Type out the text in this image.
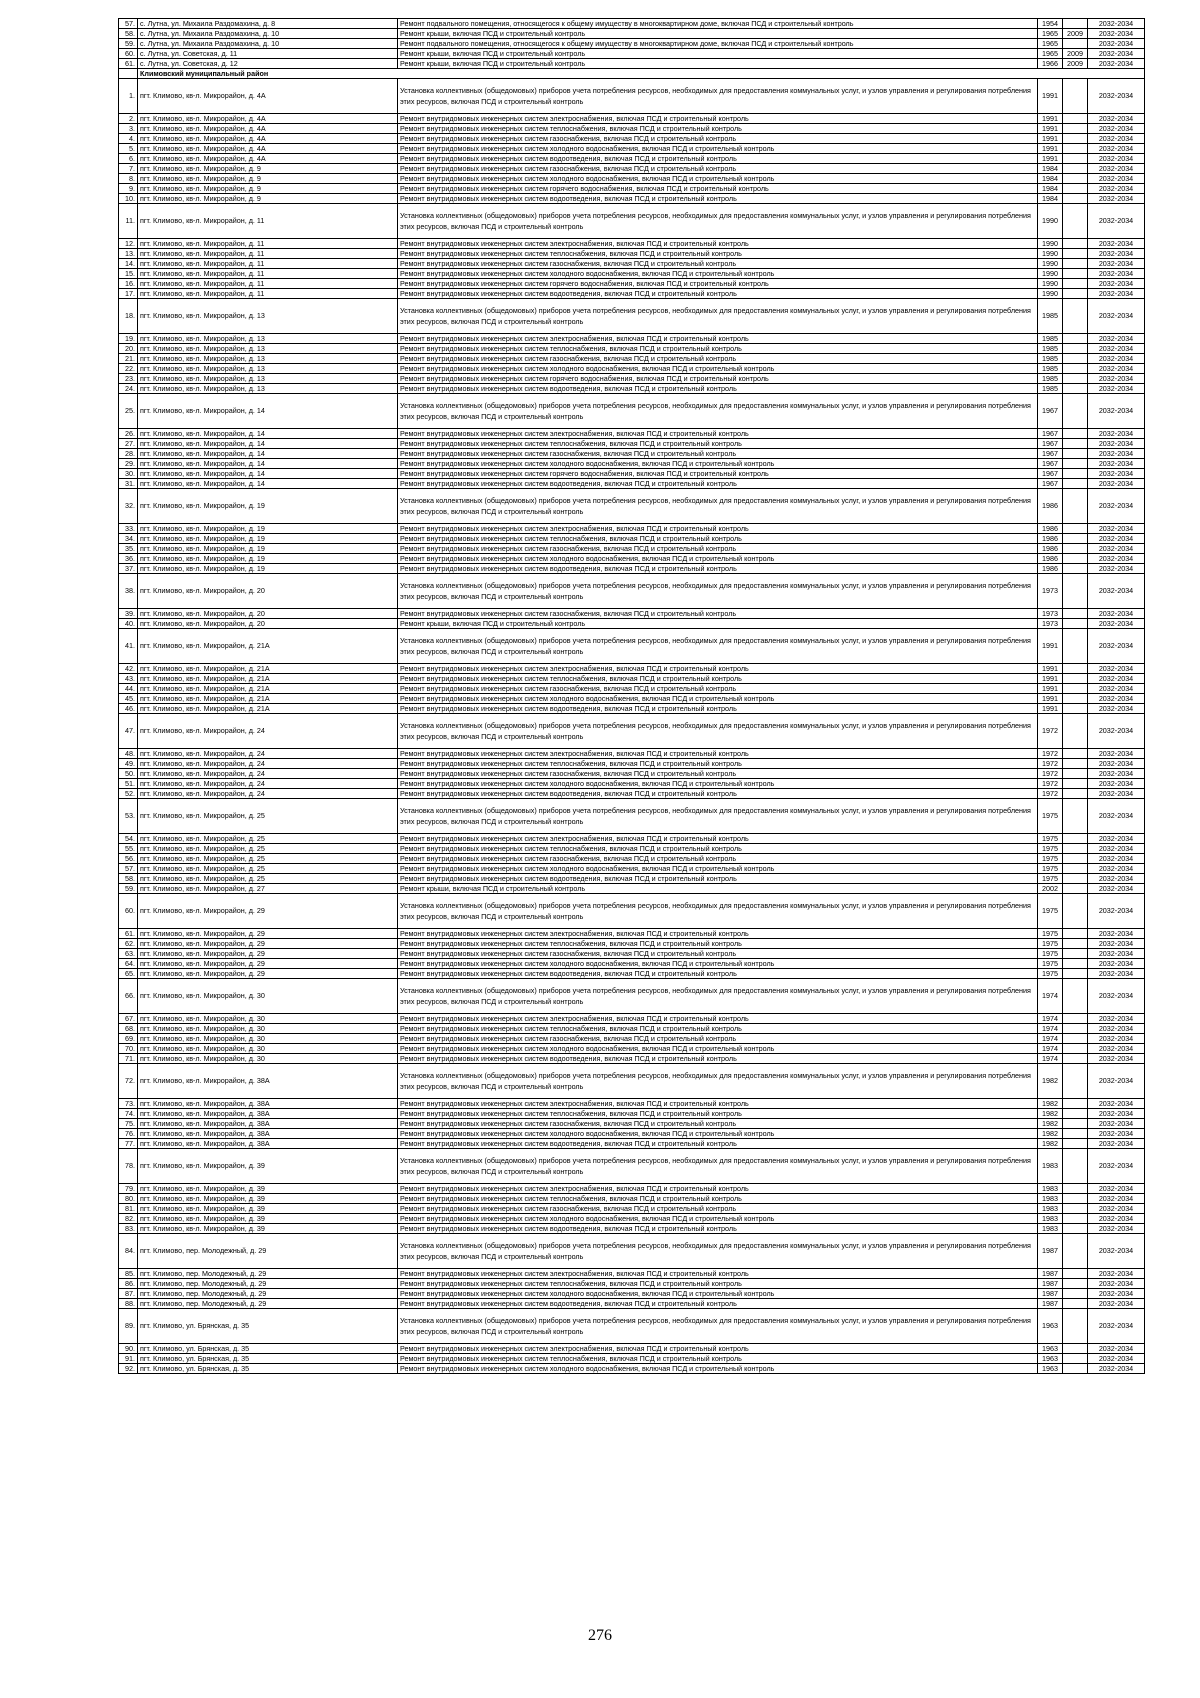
57.	с. Лутна, ул. Михаила Раздомахина, д. 8	Ремонт подвального помещения, относящегося к общему имуществу в многоквартирном доме, включая ПСД и строительный контроль	1954		2032-2034
58.	с. Лутна, ул. Михаила Раздомахина, д. 10	Ремонт крыши, включая ПСД и строительный контроль	1965	2009	2032-2034
59.	с. Лутна, ул. Михаила Раздомахина, д. 10	Ремонт подвального помещения, относящегося к общему имуществу в многоквартирном доме, включая ПСД и строительный контроль	1965		2032-2034
60.	с. Лутна, ул. Советская, д. 11	Ремонт крыши, включая ПСД и строительный контроль	1965	2009	2032-2034
61.	с. Лутна, ул. Советская, д. 12	Ремонт крыши, включая ПСД и строительный контроль	1966	2009	2032-2034
	Климовский муниципальный район				
1.	пгт. Климово, кв-л. Микрорайон, д. 4А	Установка коллективных (общедомовых) приборов учета потребления ресурсов, необходимых для предоставления коммунальных услуг, и узлов управления и регулирования потребления этих ресурсов, включая ПСД и строительный контроль	1991		2032-2034
2.	пгт. Климово, кв-л. Микрорайон, д. 4А	Ремонт внутридомовых инженерных систем электроснабжения, включая ПСД и строительный контроль	1991		2032-2034
3.	пгт. Климово, кв-л. Микрорайон, д. 4А	Ремонт внутридомовых инженерных систем теплоснабжения, включая ПСД и строительный контроль	1991		2032-2034
4.	пгт. Климово, кв-л. Микрорайон, д. 4А	Ремонт внутридомовых инженерных систем газоснабжения, включая ПСД и строительный контроль	1991		2032-2034
5.	пгт. Климово, кв-л. Микрорайон, д. 4А	Ремонт внутридомовых инженерных систем холодного водоснабжения, включая ПСД и строительный контроль	1991		2032-2034
6.	пгт. Климово, кв-л. Микрорайон, д. 4А	Ремонт внутридомовых инженерных систем водоотведения, включая ПСД и строительный контроль	1991		2032-2034
7.	пгт. Климово, кв-л. Микрорайон, д. 9	Ремонт внутридомовых инженерных систем газоснабжения, включая ПСД и строительный контроль	1984		2032-2034
8.	пгт. Климово, кв-л. Микрорайон, д. 9	Ремонт внутридомовых инженерных систем холодного водоснабжения, включая ПСД и строительный контроль	1984		2032-2034
9.	пгт. Климово, кв-л. Микрорайон, д. 9	Ремонт внутридомовых инженерных систем горячего водоснабжения, включая ПСД и строительный контроль	1984		2032-2034
10.	пгт. Климово, кв-л. Микрорайон, д. 9	Ремонт внутридомовых инженерных систем водоотведения, включая ПСД и строительный контроль	1984		2032-2034
11.	пгт. Климово, кв-л. Микрорайон, д. 11	Установка коллективных (общедомовых) приборов учета потребления ресурсов, необходимых для предоставления коммунальных услуг, и узлов управления и регулирования потребления этих ресурсов, включая ПСД и строительный контроль	1990		2032-2034
12.	пгт. Климово, кв-л. Микрорайон, д. 11	Ремонт внутридомовых инженерных систем электроснабжения, включая ПСД и строительный контроль	1990		2032-2034
13.	пгт. Климово, кв-л. Микрорайон, д. 11	Ремонт внутридомовых инженерных систем теплоснабжения, включая ПСД и строительный контроль	1990		2032-2034
14.	пгт. Климово, кв-л. Микрорайон, д. 11	Ремонт внутридомовых инженерных систем газоснабжения, включая ПСД и строительный контроль	1990		2032-2034
15.	пгт. Климово, кв-л. Микрорайон, д. 11	Ремонт внутридомовых инженерных систем холодного водоснабжения, включая ПСД и строительный контроль	1990		2032-2034
16.	пгт. Климово, кв-л. Микрорайон, д. 11	Ремонт внутридомовых инженерных систем горячего водоснабжения, включая ПСД и строительный контроль	1990		2032-2034
17.	пгт. Климово, кв-л. Микрорайон, д. 11	Ремонт внутридомовых инженерных систем водоотведения, включая ПСД и строительный контроль	1990		2032-2034
18.	пгт. Климово, кв-л. Микрорайон, д. 13	Установка коллективных (общедомовых) приборов учета потребления ресурсов, необходимых для предоставления коммунальных услуг, и узлов управления и регулирования потребления этих ресурсов, включая ПСД и строительный контроль	1985		2032-2034
19.	пгт. Климово, кв-л. Микрорайон, д. 13	Ремонт внутридомовых инженерных систем электроснабжения, включая ПСД и строительный контроль	1985		2032-2034
20.	пгт. Климово, кв-л. Микрорайон, д. 13	Ремонт внутридомовых инженерных систем теплоснабжения, включая ПСД и строительный контроль	1985		2032-2034
21.	пгт. Климово, кв-л. Микрорайон, д. 13	Ремонт внутридомовых инженерных систем газоснабжения, включая ПСД и строительный контроль	1985		2032-2034
22.	пгт. Климово, кв-л. Микрорайон, д. 13	Ремонт внутридомовых инженерных систем холодного водоснабжения, включая ПСД и строительный контроль	1985		2032-2034
23.	пгт. Климово, кв-л. Микрорайон, д. 13	Ремонт внутридомовых инженерных систем горячего водоснабжения, включая ПСД и строительный контроль	1985		2032-2034
24.	пгт. Климово, кв-л. Микрорайон, д. 13	Ремонт внутридомовых инженерных систем водоотведения, включая ПСД и строительный контроль	1985		2032-2034
25.	пгт. Климово, кв-л. Микрорайон, д. 14	Установка коллективных (общедомовых) приборов учета потребления ресурсов, необходимых для предоставления коммунальных услуг, и узлов управления и регулирования потребления этих ресурсов, включая ПСД и строительный контроль	1967		2032-2034
26.	пгт. Климово, кв-л. Микрорайон, д. 14	Ремонт внутридомовых инженерных систем электроснабжения, включая ПСД и строительный контроль	1967		2032-2034
27.	пгт. Климово, кв-л. Микрорайон, д. 14	Ремонт внутридомовых инженерных систем теплоснабжения, включая ПСД и строительный контроль	1967		2032-2034
28.	пгт. Климово, кв-л. Микрорайон, д. 14	Ремонт внутридомовых инженерных систем газоснабжения, включая ПСД и строительный контроль	1967		2032-2034
29.	пгт. Климово, кв-л. Микрорайон, д. 14	Ремонт внутридомовых инженерных систем холодного водоснабжения, включая ПСД и строительный контроль	1967		2032-2034
30.	пгт. Климово, кв-л. Микрорайон, д. 14	Ремонт внутридомовых инженерных систем горячего водоснабжения, включая ПСД и строительный контроль	1967		2032-2034
31.	пгт. Климово, кв-л. Микрорайон, д. 14	Ремонт внутридомовых инженерных систем водоотведения, включая ПСД и строительный контроль	1967		2032-2034
32.	пгт. Климово, кв-л. Микрорайон, д. 19	Установка коллективных (общедомовых) приборов учета потребления ресурсов, необходимых для предоставления коммунальных услуг, и узлов управления и регулирования потребления этих ресурсов, включая ПСД и строительный контроль	1986		2032-2034
33.	пгт. Климово, кв-л. Микрорайон, д. 19	Ремонт внутридомовых инженерных систем электроснабжения, включая ПСД и строительный контроль	1986		2032-2034
34.	пгт. Климово, кв-л. Микрорайон, д. 19	Ремонт внутридомовых инженерных систем теплоснабжения, включая ПСД и строительный контроль	1986		2032-2034
35.	пгт. Климово, кв-л. Микрорайон, д. 19	Ремонт внутридомовых инженерных систем газоснабжения, включая ПСД и строительный контроль	1986		2032-2034
36.	пгт. Климово, кв-л. Микрорайон, д. 19	Ремонт внутридомовых инженерных систем холодного водоснабжения, включая ПСД и строительный контроль	1986		2032-2034
37.	пгт. Климово, кв-л. Микрорайон, д. 19	Ремонт внутридомовых инженерных систем водоотведения, включая ПСД и строительный контроль	1986		2032-2034
38.	пгт. Климово, кв-л. Микрорайон, д. 20	Установка коллективных (общедомовых) приборов учета потребления ресурсов, необходимых для предоставления коммунальных услуг, и узлов управления и регулирования потребления этих ресурсов, включая ПСД и строительный контроль	1973		2032-2034
39.	пгт. Климово, кв-л. Микрорайон, д. 20	Ремонт внутридомовых инженерных систем газоснабжения, включая ПСД и строительный контроль	1973		2032-2034
40.	пгт. Климово, кв-л. Микрорайон, д. 20	Ремонт крыши, включая ПСД и строительный контроль	1973		2032-2034
41.	пгт. Климово, кв-л. Микрорайон, д. 21А	Установка коллективных (общедомовых) приборов учета потребления ресурсов, необходимых для предоставления коммунальных услуг, и узлов управления и регулирования потребления этих ресурсов, включая ПСД и строительный контроль	1991		2032-2034
42.	пгт. Климово, кв-л. Микрорайон, д. 21А	Ремонт внутридомовых инженерных систем электроснабжения, включая ПСД и строительный контроль	1991		2032-2034
43.	пгт. Климово, кв-л. Микрорайон, д. 21А	Ремонт внутридомовых инженерных систем теплоснабжения, включая ПСД и строительный контроль	1991		2032-2034
44.	пгт. Климово, кв-л. Микрорайон, д. 21А	Ремонт внутридомовых инженерных систем газоснабжения, включая ПСД и строительный контроль	1991		2032-2034
45.	пгт. Климово, кв-л. Микрорайон, д. 21А	Ремонт внутридомовых инженерных систем холодного водоснабжения, включая ПСД и строительный контроль	1991		2032-2034
46.	пгт. Климово, кв-л. Микрорайон, д. 21А	Ремонт внутридомовых инженерных систем водоотведения, включая ПСД и строительный контроль	1991		2032-2034
47.	пгт. Климово, кв-л. Микрорайон, д. 24	Установка коллективных (общедомовых) приборов учета потребления ресурсов, необходимых для предоставления коммунальных услуг, и узлов управления и регулирования потребления этих ресурсов, включая ПСД и строительный контроль	1972		2032-2034
48.	пгт. Климово, кв-л. Микрорайон, д. 24	Ремонт внутридомовых инженерных систем электроснабжения, включая ПСД и строительный контроль	1972		2032-2034
49.	пгт. Климово, кв-л. Микрорайон, д. 24	Ремонт внутридомовых инженерных систем теплоснабжения, включая ПСД и строительный контроль	1972		2032-2034
50.	пгт. Климово, кв-л. Микрорайон, д. 24	Ремонт внутридомовых инженерных систем газоснабжения, включая ПСД и строительный контроль	1972		2032-2034
51.	пгт. Климово, кв-л. Микрорайон, д. 24	Ремонт внутридомовых инженерных систем холодного водоснабжения, включая ПСД и строительный контроль	1972		2032-2034
52.	пгт. Климово, кв-л. Микрорайон, д. 24	Ремонт внутридомовых инженерных систем водоотведения, включая ПСД и строительный контроль	1972		2032-2034
53.	пгт. Климово, кв-л. Микрорайон, д. 25	Установка коллективных (общедомовых) приборов учета потребления ресурсов, необходимых для предоставления коммунальных услуг, и узлов управления и регулирования потребления этих ресурсов, включая ПСД и строительный контроль	1975		2032-2034
54.	пгт. Климово, кв-л. Микрорайон, д. 25	Ремонт внутридомовых инженерных систем электроснабжения, включая ПСД и строительный контроль	1975		2032-2034
55.	пгт. Климово, кв-л. Микрорайон, д. 25	Ремонт внутридомовых инженерных систем теплоснабжения, включая ПСД и строительный контроль	1975		2032-2034
56.	пгт. Климово, кв-л. Микрорайон, д. 25	Ремонт внутридомовых инженерных систем газоснабжения, включая ПСД и строительный контроль	1975		2032-2034
57.	пгт. Климово, кв-л. Микрорайон, д. 25	Ремонт внутридомовых инженерных систем холодного водоснабжения, включая ПСД и строительный контроль	1975		2032-2034
58.	пгт. Климово, кв-л. Микрорайон, д. 25	Ремонт внутридомовых инженерных систем водоотведения, включая ПСД и строительный контроль	1975		2032-2034
59.	пгт. Климово, кв-л. Микрорайон, д. 27	Ремонт крыши, включая ПСД и строительный контроль	2002		2032-2034
60.	пгт. Климово, кв-л. Микрорайон, д. 29	Установка коллективных (общедомовых) приборов учета потребления ресурсов, необходимых для предоставления коммунальных услуг, и узлов управления и регулирования потребления этих ресурсов, включая ПСД и строительный контроль	1975		2032-2034
61.	пгт. Климово, кв-л. Микрорайон, д. 29	Ремонт внутридомовых инженерных систем электроснабжения, включая ПСД и строительный контроль	1975		2032-2034
62.	пгт. Климово, кв-л. Микрорайон, д. 29	Ремонт внутридомовых инженерных систем теплоснабжения, включая ПСД и строительный контроль	1975		2032-2034
63.	пгт. Климово, кв-л. Микрорайон, д. 29	Ремонт внутридомовых инженерных систем газоснабжения, включая ПСД и строительный контроль	1975		2032-2034
64.	пгт. Климово, кв-л. Микрорайон, д. 29	Ремонт внутридомовых инженерных систем холодного водоснабжения, включая ПСД и строительный контроль	1975		2032-2034
65.	пгт. Климово, кв-л. Микрорайон, д. 29	Ремонт внутридомовых инженерных систем водоотведения, включая ПСД и строительный контроль	1975		2032-2034
66.	пгт. Климово, кв-л. Микрорайон, д. 30	Установка коллективных (общедомовых) приборов учета потребления ресурсов, необходимых для предоставления коммунальных услуг, и узлов управления и регулирования потребления этих ресурсов, включая ПСД и строительный контроль	1974		2032-2034
67.	пгт. Климово, кв-л. Микрорайон, д. 30	Ремонт внутридомовых инженерных систем электроснабжения, включая ПСД и строительный контроль	1974		2032-2034
68.	пгт. Климово, кв-л. Микрорайон, д. 30	Ремонт внутридомовых инженерных систем теплоснабжения, включая ПСД и строительный контроль	1974		2032-2034
69.	пгт. Климово, кв-л. Микрорайон, д. 30	Ремонт внутридомовых инженерных систем газоснабжения, включая ПСД и строительный контроль	1974		2032-2034
70.	пгт. Климово, кв-л. Микрорайон, д. 30	Ремонт внутридомовых инженерных систем холодного водоснабжения, включая ПСД и строительный контроль	1974		2032-2034
71.	пгт. Климово, кв-л. Микрорайон, д. 30	Ремонт внутридомовых инженерных систем водоотведения, включая ПСД и строительный контроль	1974		2032-2034
72.	пгт. Климово, кв-л. Микрорайон, д. 38А	Установка коллективных (общедомовых) приборов учета потребления ресурсов, необходимых для предоставления коммунальных услуг, и узлов управления и регулирования потребления этих ресурсов, включая ПСД и строительный контроль	1982		2032-2034
73.	пгт. Климово, кв-л. Микрорайон, д. 38А	Ремонт внутридомовых инженерных систем электроснабжения, включая ПСД и строительный контроль	1982		2032-2034
74.	пгт. Климово, кв-л. Микрорайон, д. 38А	Ремонт внутридомовых инженерных систем теплоснабжения, включая ПСД и строительный контроль	1982		2032-2034
75.	пгт. Климово, кв-л. Микрорайон, д. 38А	Ремонт внутридомовых инженерных систем газоснабжения, включая ПСД и строительный контроль	1982		2032-2034
76.	пгт. Климово, кв-л. Микрорайон, д. 38А	Ремонт внутридомовых инженерных систем холодного водоснабжения, включая ПСД и строительный контроль	1982		2032-2034
77.	пгт. Климово, кв-л. Микрорайон, д. 38А	Ремонт внутридомовых инженерных систем водоотведения, включая ПСД и строительный контроль	1982		2032-2034
78.	пгт. Климово, кв-л. Микрорайон, д. 39	Установка коллективных (общедомовых) приборов учета потребления ресурсов, необходимых для предоставления коммунальных услуг, и узлов управления и регулирования потребления этих ресурсов, включая ПСД и строительный контроль	1983		2032-2034
79.	пгт. Климово, кв-л. Микрорайон, д. 39	Ремонт внутридомовых инженерных систем электроснабжения, включая ПСД и строительный контроль	1983		2032-2034
80.	пгт. Климово, кв-л. Микрорайон, д. 39	Ремонт внутридомовых инженерных систем теплоснабжения, включая ПСД и строительный контроль	1983		2032-2034
81.	пгт. Климово, кв-л. Микрорайон, д. 39	Ремонт внутридомовых инженерных систем газоснабжения, включая ПСД и строительный контроль	1983		2032-2034
82.	пгт. Климово, кв-л. Микрорайон, д. 39	Ремонт внутридомовых инженерных систем холодного водоснабжения, включая ПСД и строительный контроль	1983		2032-2034
83.	пгт. Климово, кв-л. Микрорайон, д. 39	Ремонт внутридомовых инженерных систем водоотведения, включая ПСД и строительный контроль	1983		2032-2034
84.	пгт. Климово, пер. Молодежный, д. 29	Установка коллективных (общедомовых) приборов учета потребления ресурсов, необходимых для предоставления коммунальных услуг, и узлов управления и регулирования потребления этих ресурсов, включая ПСД и строительный контроль	1987		2032-2034
85.	пгт. Климово, пер. Молодежный, д. 29	Ремонт внутридомовых инженерных систем электроснабжения, включая ПСД и строительный контроль	1987		2032-2034
86.	пгт. Климово, пер. Молодежный, д. 29	Ремонт внутридомовых инженерных систем теплоснабжения, включая ПСД и строительный контроль	1987		2032-2034
87.	пгт. Климово, пер. Молодежный, д. 29	Ремонт внутридомовых инженерных систем холодного водоснабжения, включая ПСД и строительный контроль	1987		2032-2034
88.	пгт. Климово, пер. Молодежный, д. 29	Ремонт внутридомовых инженерных систем водоотведения, включая ПСД и строительный контроль	1987		2032-2034
89.	пгт. Климово, ул. Брянская, д. 35	Установка коллективных (общедомовых) приборов учета потребления ресурсов, необходимых для предоставления коммунальных услуг, и узлов управления и регулирования потребления этих ресурсов, включая ПСД и строительный контроль	1963		2032-2034
90.	пгт. Климово, ул. Брянская, д. 35	Ремонт внутридомовых инженерных систем электроснабжения, включая ПСД и строительный контроль	1963		2032-2034
91.	пгт. Климово, ул. Брянская, д. 35	Ремонт внутридомовых инженерных систем теплоснабжения, включая ПСД и строительный контроль	1963		2032-2034
92.	пгт. Климово, ул. Брянская, д. 35	Ремонт внутридомовых инженерных систем холодного водоснабжения, включая ПСД и строительный контроль	1963		2032-2034
276
